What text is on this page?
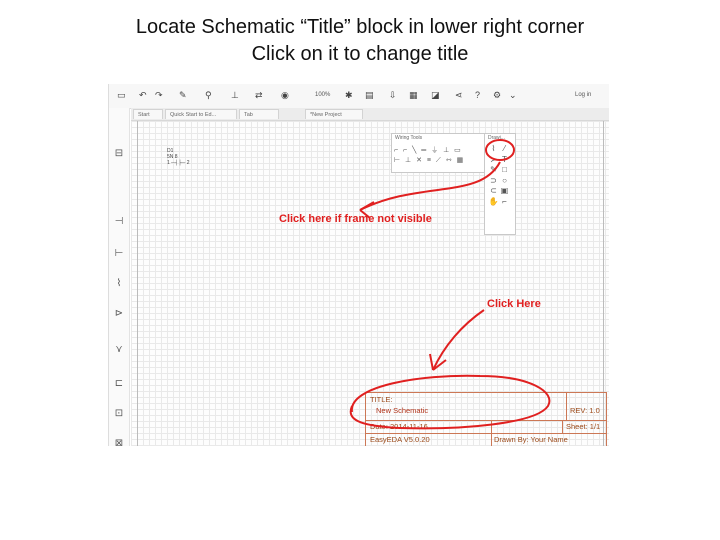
Locate Schematic “Title” block in lower right corner
Click on it to change title
▭ ↶ ↷ ✎ ⚲ ⊥ ⇄ ◉	100% ✱ ▤ ⇩ ▦ ◪ ⋖ ? ⚙ ⌄	Log in
⊟
⊣
⊢
⌇
⊳
⋎
⊏
⊡
⊠
Start	Quick Start to Ed...	Tab	*New Project
D1
5N 8
1 ─┤├─ 2
Wiring Tools
⌐ ⌐ ╲ ═ ⏚ ⊥ ▭
⊢ ⊥ ✕ ≡ ⟋ ⇿ ▦
Drawi...
⌇ ⁄ ≻ T ✎ □ ⊃ ○ ⊂ ▣ ✋ ⌐
TITLE:
New Schematic	REV: 1.0
Date: 2014-11-16	Sheet: 1/1
EasyEDA V5.0.20	Drawn By: Your Name
Click here if frame not visible
Click Here
